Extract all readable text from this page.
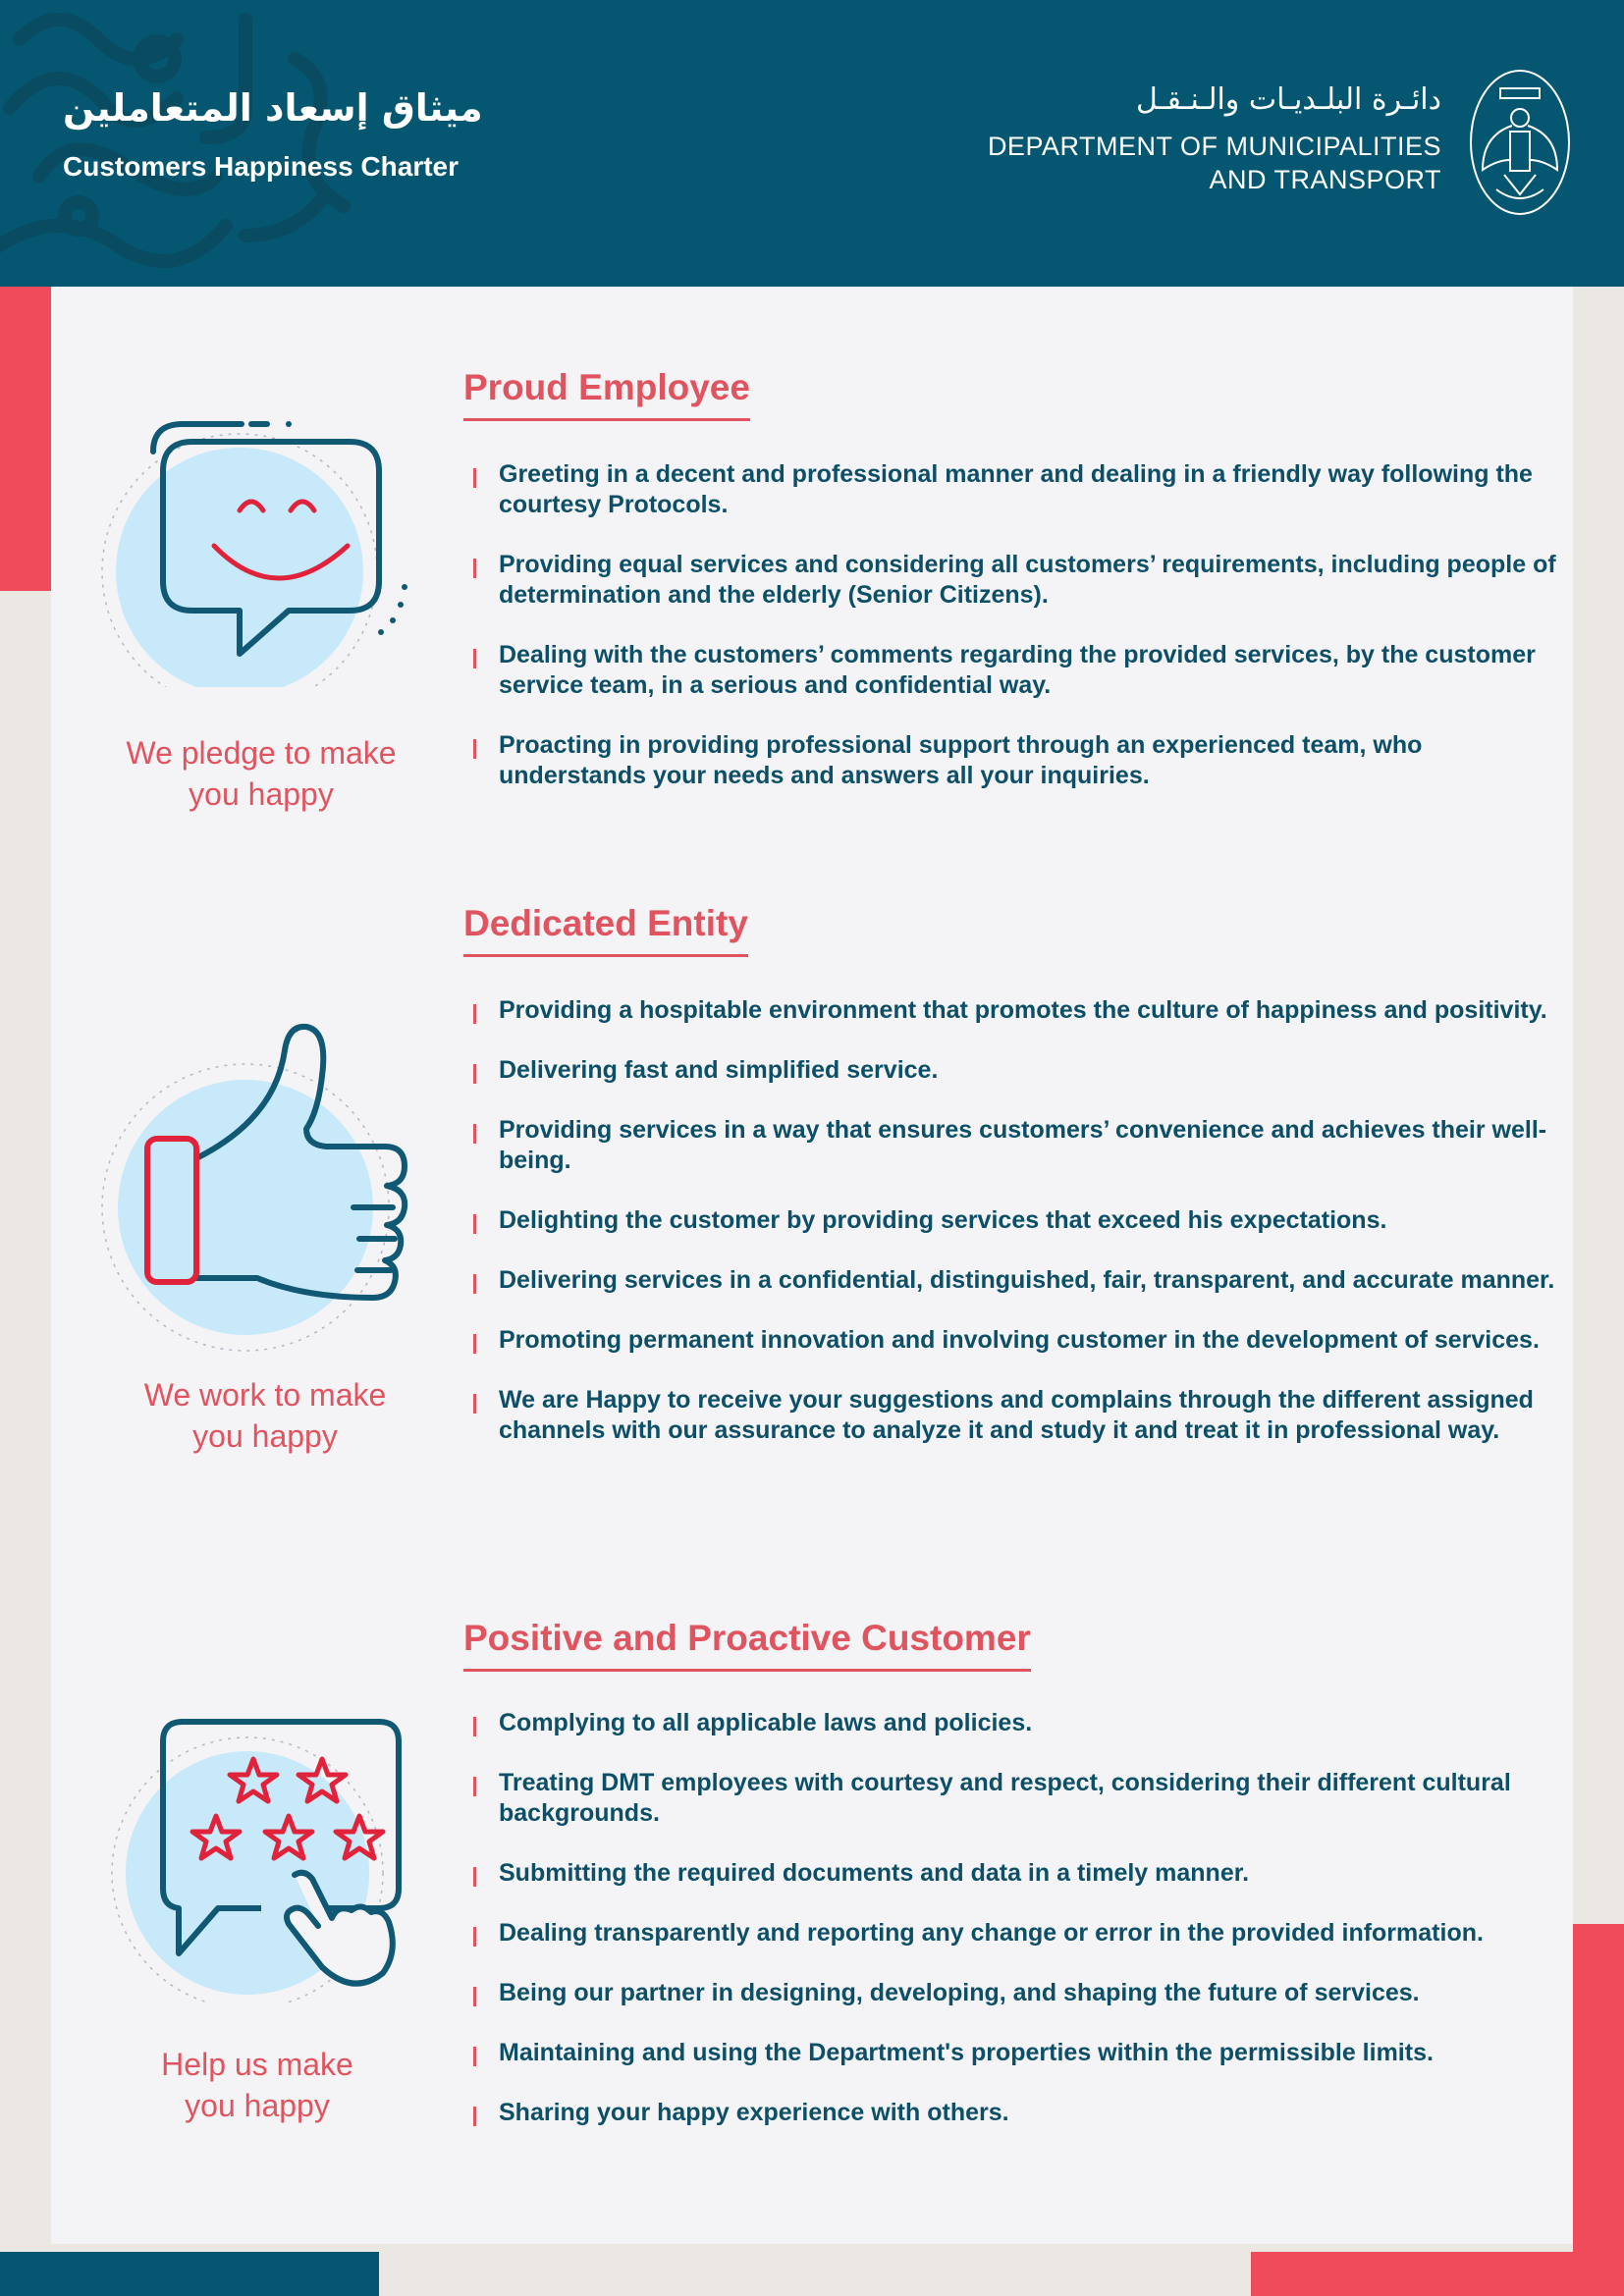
ميثاق إسعاد المتعاملين
Customers Happiness Charter
دائـرة البلـديـات والـنـقـل
DEPARTMENT OF MUNICIPALITIES
AND TRANSPORT
We pledge to make
you happy
Proud Employee
Greeting in a decent and professional manner and dealing in a friendly way following the courtesy Protocols.
Providing equal services and considering all customers’ requirements, including people of determination and the elderly (Senior Citizens).
Dealing with the customers’ comments regarding the provided services, by the customer service team, in a serious and confidential way.
Proacting in providing professional support through an experienced team, who understands your needs and answers all your inquiries.
We work to make
you happy
Dedicated Entity
Providing a hospitable environment that promotes the culture of happiness and positivity.
Delivering fast and simplified service.
Providing services in a way that ensures customers’ convenience and achieves their well-being.
Delighting the customer by providing services that exceed his expectations.
Delivering services in a confidential, distinguished, fair, transparent, and accurate manner.
Promoting permanent innovation and involving customer in the development of services.
We are Happy to receive your suggestions and complains through the different assigned channels with our assurance to analyze it and study it and treat it in professional way.
Help us make
you happy
Positive and Proactive Customer
Complying to all applicable laws and policies.
Treating DMT employees with courtesy and respect, considering their different cultural backgrounds.
Submitting the required documents and data in a timely manner.
Dealing transparently and reporting any change or error in the provided information.
Being our partner in designing, developing, and shaping the future of services.
Maintaining and using the Department's properties within the permissible limits.
Sharing your happy experience with others.
